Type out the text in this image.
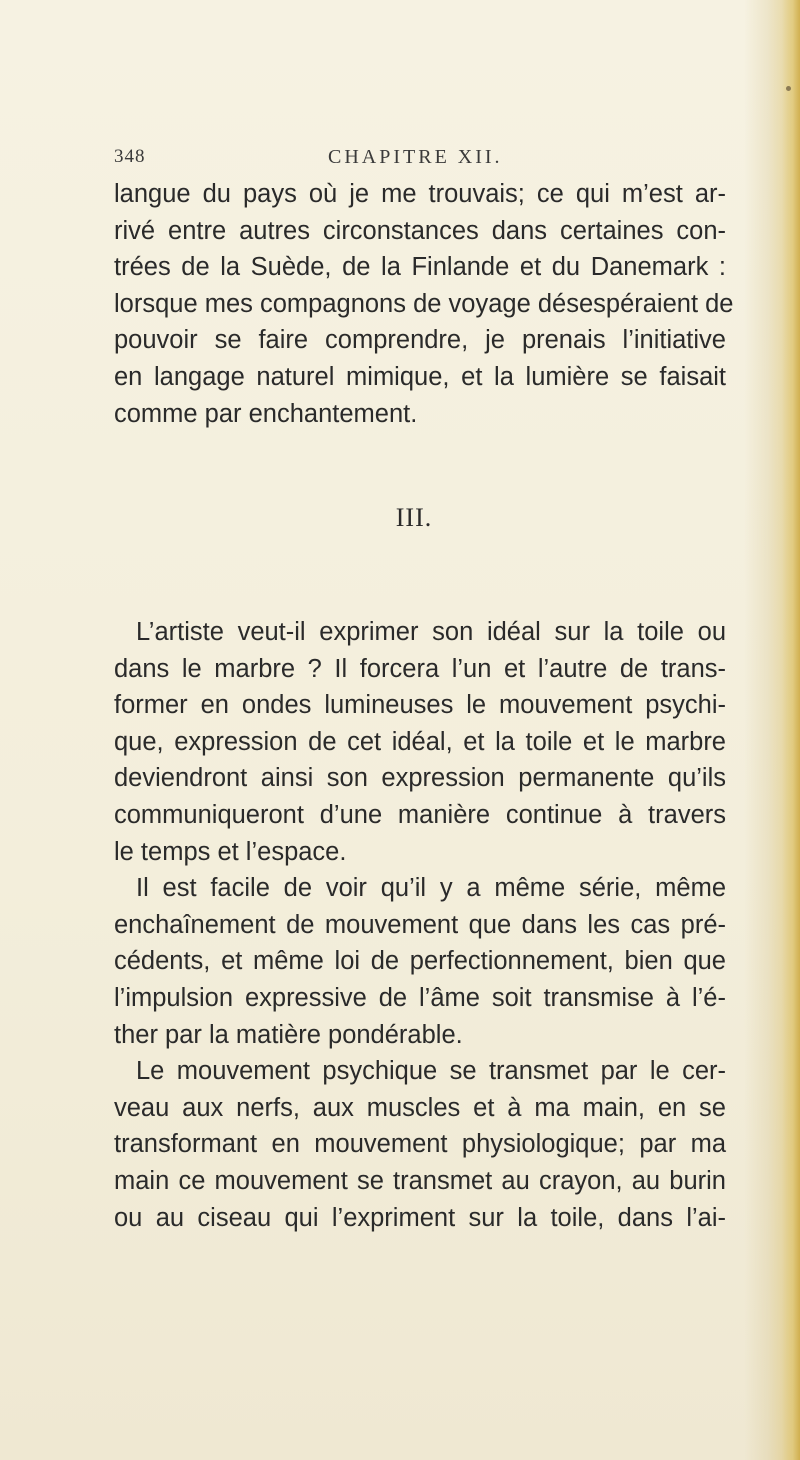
348	CHAPITRE XII.
langue du pays où je me trouvais; ce qui m’est ar-
rivé entre autres circonstances dans certaines con-
trées de la Suède, de la Finlande et du Danemark :
lorsque mes compagnons de voyage désespéraient de
pouvoir se faire comprendre, je prenais l’initiative
en langage naturel mimique, et la lumière se faisait
comme par enchantement.
III.
L’artiste veut-il exprimer son idéal sur la toile ou
dans le marbre ? Il forcera l’un et l’autre de trans-
former en ondes lumineuses le mouvement psychi-
que, expression de cet idéal, et la toile et le marbre
deviendront ainsi son expression permanente qu’ils
communiqueront d’une manière continue à travers
le temps et l’espace.
Il est facile de voir qu’il y a même série, même
enchaînement de mouvement que dans les cas pré-
cédents, et même loi de perfectionnement, bien que
l’impulsion expressive de l’âme soit transmise à l’é-
ther par la matière pondérable.
Le mouvement psychique se transmet par le cer-
veau aux nerfs, aux muscles et à ma main, en se
transformant en mouvement physiologique; par ma
main ce mouvement se transmet au crayon, au burin
ou au ciseau qui l’expriment sur la toile, dans l’ai-
